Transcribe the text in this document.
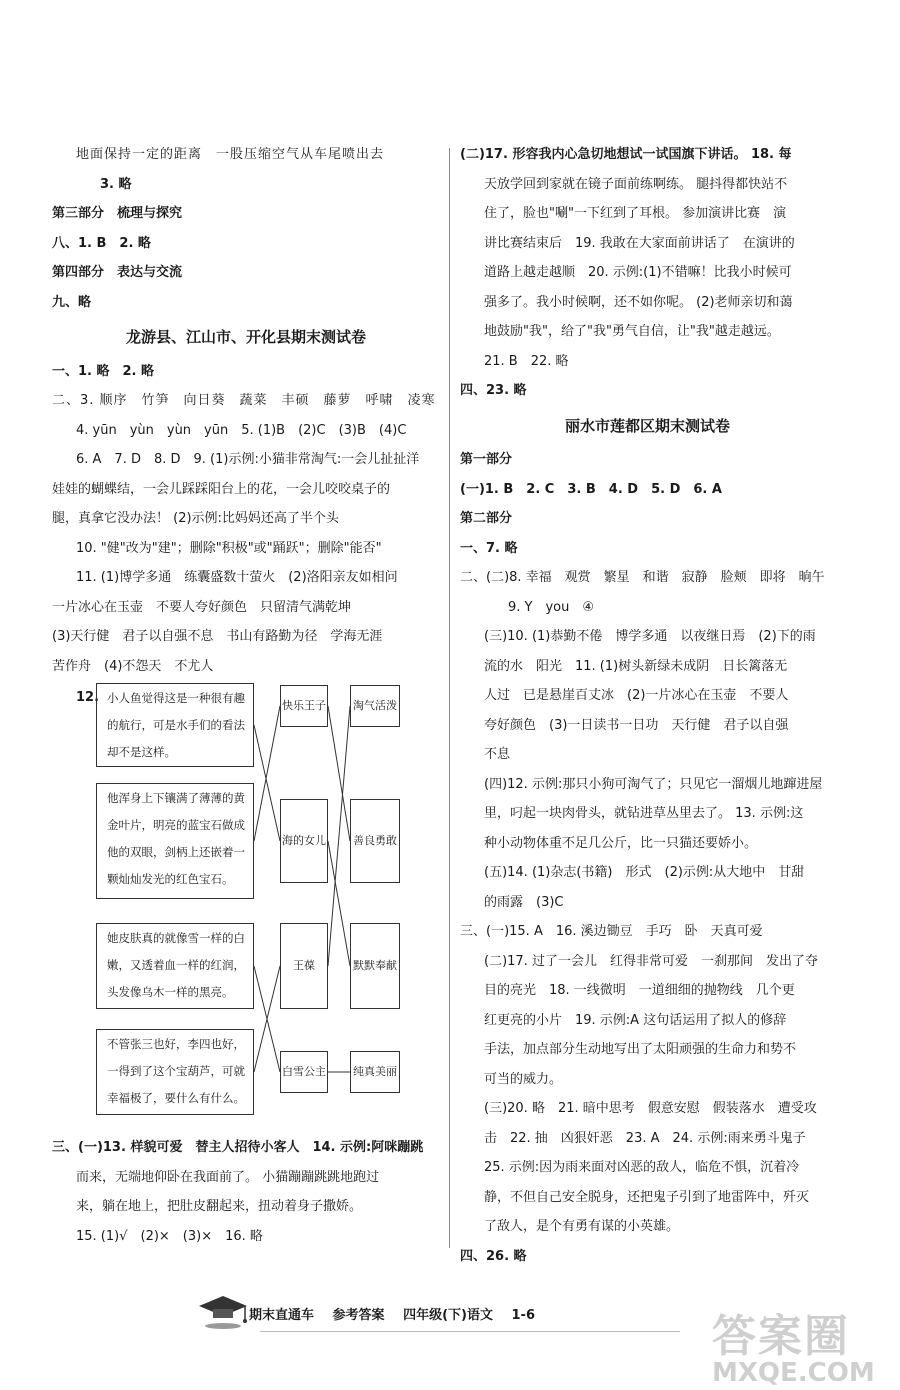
地面保持一定的距离　一股压缩空气从车尾喷出去
3. 略
第三部分　梳理与探究
八、1. B　2. 略
第四部分　表达与交流
九、略
龙游县、江山市、开化县期末测试卷
一、1. 略　2. 略
二、3. 顺序　竹笋　向日葵　蔬菜　丰硕　藤萝　呼啸　凌寒
4. yūn　yùn　yùn　yūn　5. (1)B　(2)C　(3)B　(4)C
6. A　7. D　8. D　9. (1)示例:小猫非常淘气:一会儿扯扯洋
娃娃的蝴蝶结，一会儿踩踩阳台上的花，一会儿咬咬桌子的
腿，真拿它没办法！ (2)示例:比妈妈还高了半个头
10. "健"改为"建"；删除"积极"或"踊跃"；删除"能否"
11. (1)博学多通　练囊盛数十萤火　(2)洛阳亲友如相问
一片冰心在玉壶　不要人夸好颜色　只留清气满乾坤
(3)天行健　君子以自强不息　书山有路勤为径　学海无涯
苦作舟　(4)不怨天　不尤人
12. 小人鱼觉得这是一种很有趣的航行，可是水手们的看法却不是这样。
他浑身上下镶满了薄薄的黄金叶片，明亮的蓝宝石做成他的双眼，剑柄上还嵌着一颗灿灿发光的红色宝石。
她皮肤真的就像雪一样的白嫩，又透着血一样的红润，头发像乌木一样的黑亮。
不管张三也好，李四也好，一得到了这个宝葫芦，可就幸福极了，要什么有什么。
快乐王子
海的女儿
王葆
白雪公主
淘气活泼
善良勇敢
默默奉献
纯真美丽
三、(一)13. 样貌可爱　替主人招待小客人　14. 示例:阿咪蹦跳
而来，无端地仰卧在我面前了。 小猫蹦蹦跳跳地跑过
来，躺在地上，把肚皮翻起来，扭动着身子撒娇。
15. (1)√　(2)×　(3)×　16. 略
(二)17. 形容我内心急切地想试一试国旗下讲话。 18. 每
天放学回到家就在镜子面前练啊练。 腿抖得都快站不
住了，脸也"唰"一下红到了耳根。 参加演讲比赛　演
讲比赛结束后　19. 我敢在大家面前讲话了　在演讲的
道路上越走越顺　20. 示例:(1)不错嘛！比我小时候可
强多了。我小时候啊，还不如你呢。 (2)老师亲切和蔼
地鼓励"我"，给了"我"勇气自信，让"我"越走越远。
21. B　22. 略
四、23. 略
丽水市莲都区期末测试卷
第一部分
(一)1. B　2. C　3. B　4. D　5. D　6. A
第二部分
一、7. 略
二、(二)8. 幸福　观赏　繁星　和谐　寂静　脸颊　即将　晌午
9. Y　you　④
(三)10. (1)恭勤不倦　博学多通　以夜继日焉　(2)下的雨
流的水　阳光　11. (1)树头新绿未成阴　日长篱落无
人过　已是悬崖百丈冰　(2)一片冰心在玉壶　不要人
夸好颜色　(3)一日读书一日功　天行健　君子以自强
不息
(四)12. 示例:那只小狗可淘气了；只见它一溜烟儿地蹿进屋
里，叼起一块肉骨头，就钻进草丛里去了。 13. 示例:这
种小动物体重不足几公斤，比一只猫还要娇小。
(五)14. (1)杂志(书籍)　形式　(2)示例:从大地中　甘甜
的雨露　(3)C
三、(一)15. A　16. 溪边锄豆　手巧　卧　天真可爱
(二)17. 过了一会儿　红得非常可爱　一刹那间　发出了夺
目的亮光　18. 一线微明　一道细细的抛物线　几个更
红更亮的小片　19. 示例:A 这句话运用了拟人的修辞
手法，加点部分生动地写出了太阳顽强的生命力和势不
可当的威力。
(三)20. 略　21. 暗中思考　假意安慰　假装落水　遭受攻
击　22. 抽　凶狠奸恶　23. A　24. 示例:雨来勇斗鬼子
25. 示例:因为雨来面对凶恶的敌人，临危不惧，沉着冷
静，不但自己安全脱身，还把鬼子引到了地雷阵中，歼灭
了敌人，是个有勇有谋的小英雄。
四、26. 略
期末直通车 参考答案 四年级(下)语文 1-6	答案圈
MXQE.COM
